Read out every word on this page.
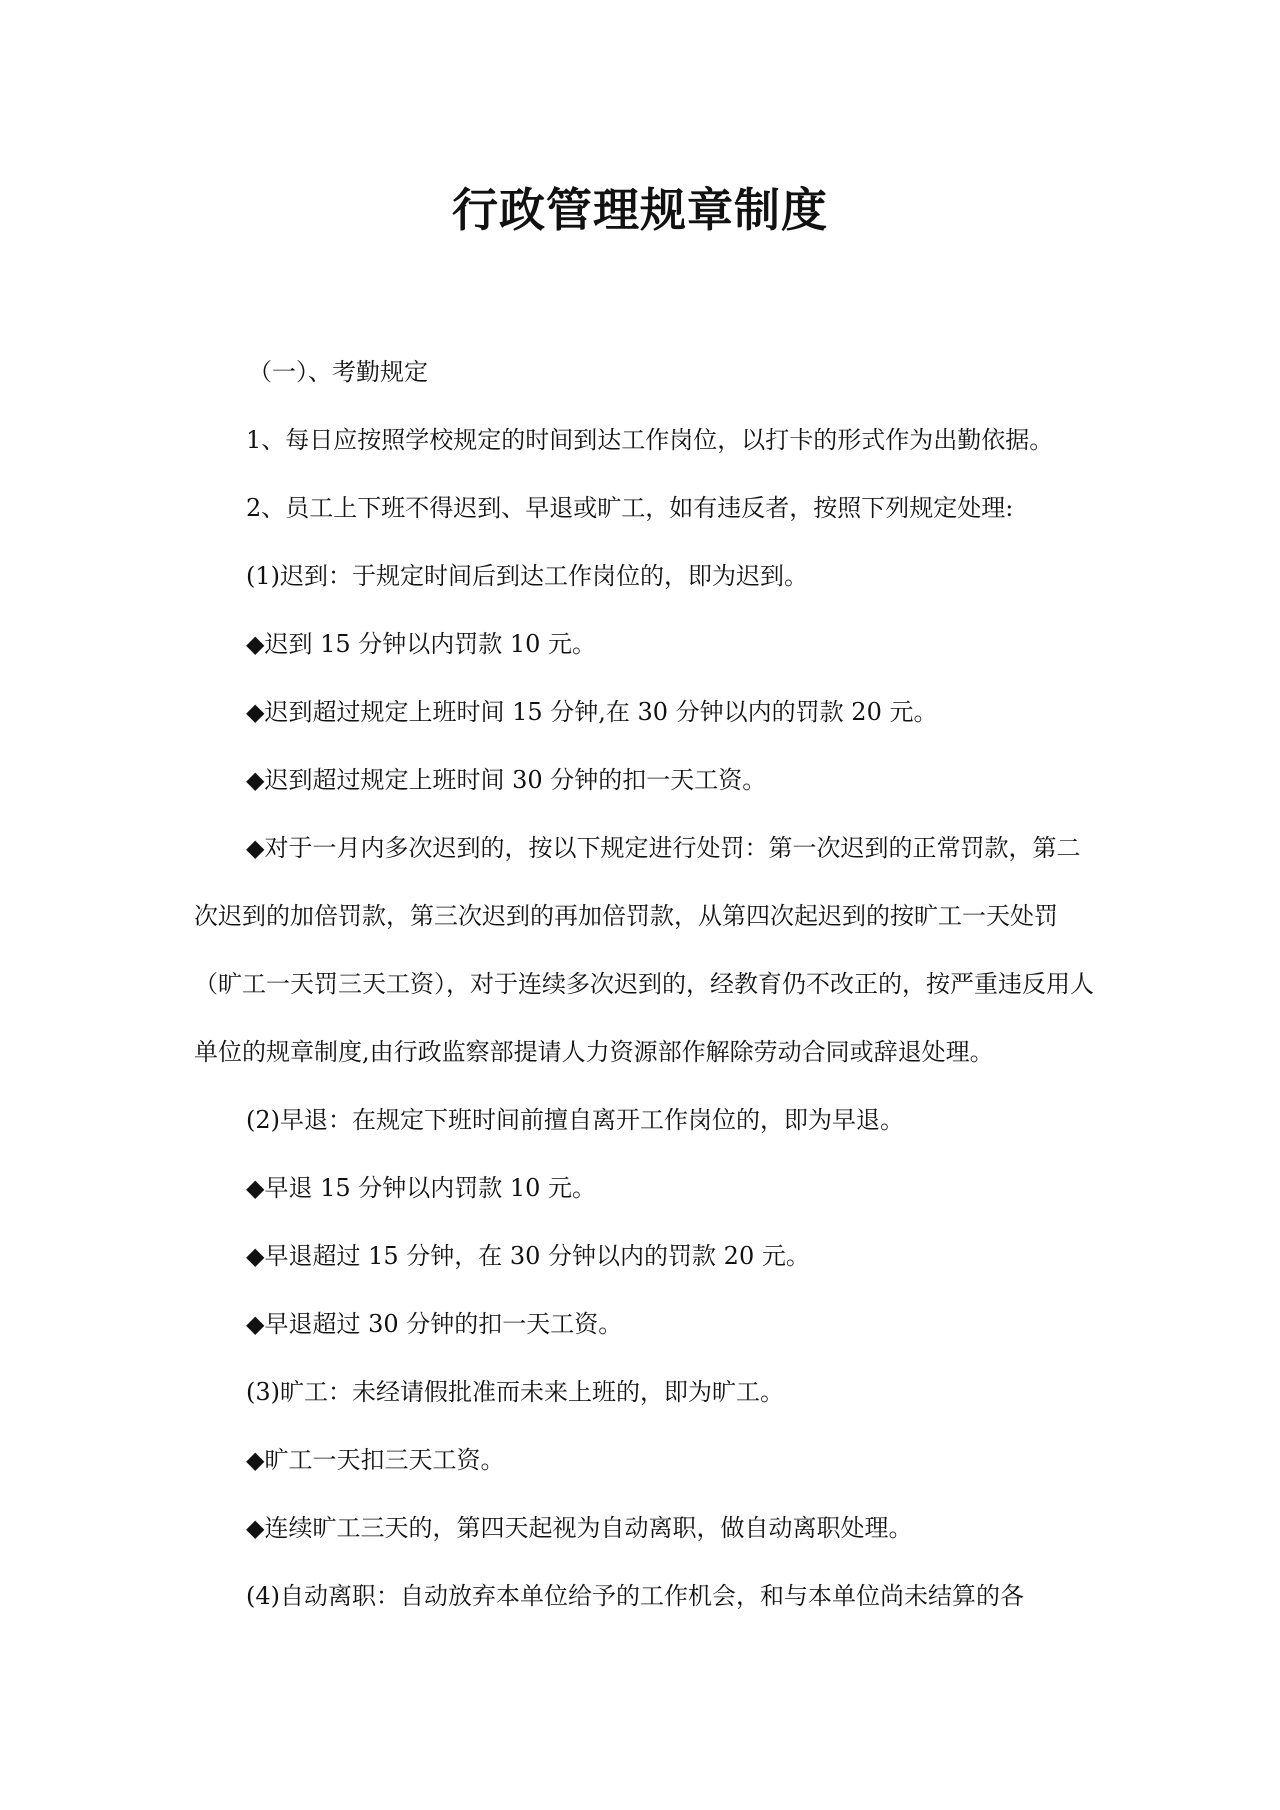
行政管理规章制度

（一）、考勤规定

1、每日应按照学校规定的时间到达工作岗位，以打卡的形式作为出勤依据。

2、员工上下班不得迟到、早退或旷工，如有违反者，按照下列规定处理:

(1)迟到：于规定时间后到达工作岗位的，即为迟到。

◆迟到 15 分钟以内罚款 10 元。

◆迟到超过规定上班时间 15 分钟,在 30 分钟以内的罚款 20 元。

◆迟到超过规定上班时间 30 分钟的扣一天工资。

◆对于一月内多次迟到的，按以下规定进行处罚：第一次迟到的正常罚款，第二次迟到的加倍罚款，第三次迟到的再加倍罚款，从第四次起迟到的按旷工一天处罚（旷工一天罚三天工资），对于连续多次迟到的，经教育仍不改正的，按严重违反用人单位的规章制度,由行政监察部提请人力资源部作解除劳动合同或辞退处理。

(2)早退：在规定下班时间前擅自离开工作岗位的，即为早退。

◆早退 15 分钟以内罚款 10 元。

◆早退超过 15 分钟，在 30 分钟以内的罚款 20 元。

◆早退超过 30 分钟的扣一天工资。

(3)旷工：未经请假批准而未来上班的，即为旷工。

◆旷工一天扣三天工资。

◆连续旷工三天的，第四天起视为自动离职，做自动离职处理。

(4)自动离职：自动放弃本单位给予的工作机会，和与本单位尚未结算的各
